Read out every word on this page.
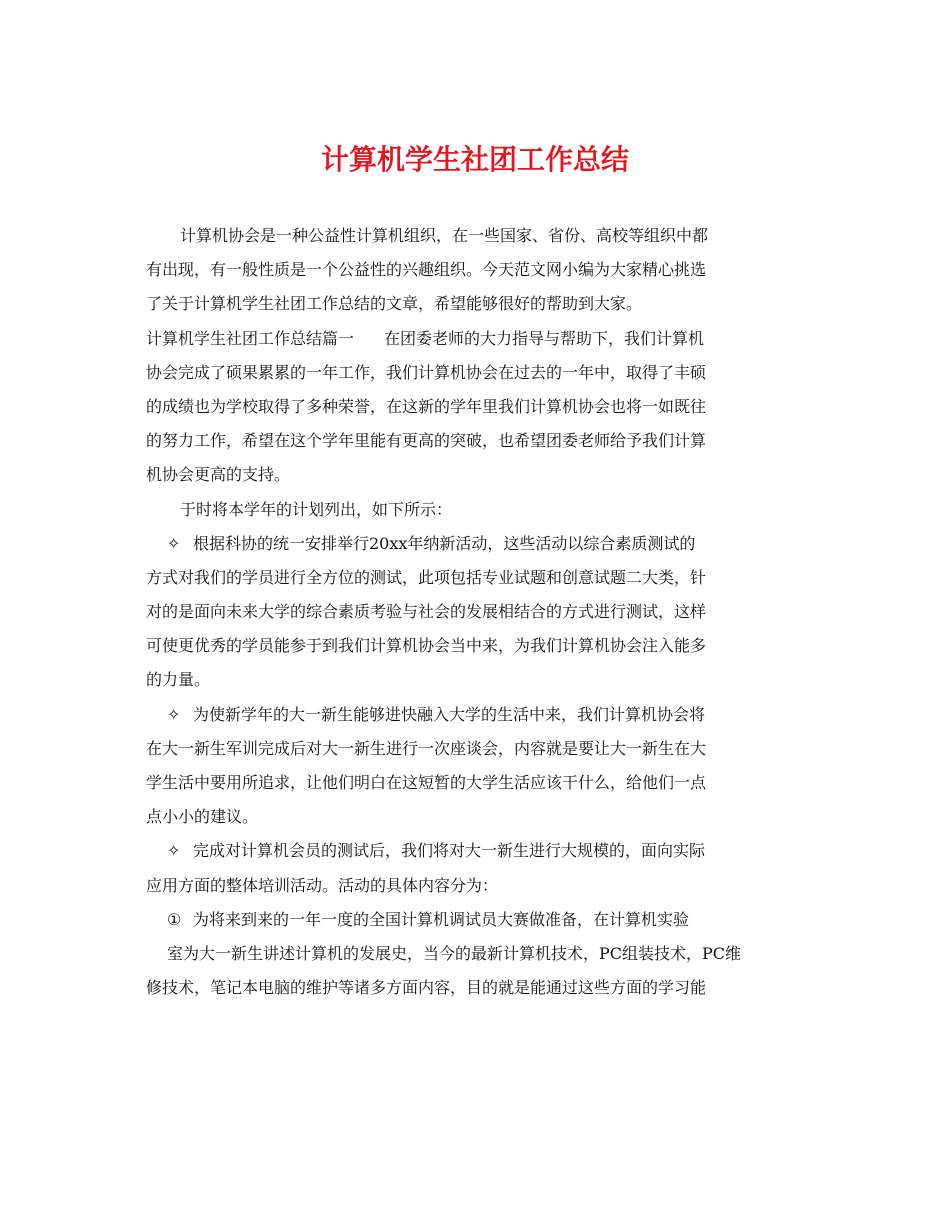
计算机学生社团工作总结
计算机协会是一种公益性计算机组织，在一些国家、省份、高校等组织中都
有出现，有一般性质是一个公益性的兴趣组织。今天范文网小编为大家精心挑选
了关于计算机学生社团工作总结的文章，希望能够很好的帮助到大家。
计算机学生社团工作总结篇一 在团委老师的大力指导与帮助下，我们计算机
协会完成了硕果累累的一年工作，我们计算机协会在过去的一年中，取得了丰硕
的成绩也为学校取得了多种荣誉，在这新的学年里我们计算机协会也将一如既往
的努力工作，希望在这个学年里能有更高的突破，也希望团委老师给予我们计算
机协会更高的支持。
于时将本学年的计划列出，如下所示：
✧ 根据科协的统一安排举行20xx年纳新活动，这些活动以综合素质测试的
方式对我们的学员进行全方位的测试，此项包括专业试题和创意试题二大类，针
对的是面向未来大学的综合素质考验与社会的发展相结合的方式进行测试，这样
可使更优秀的学员能参于到我们计算机协会当中来，为我们计算机协会注入能多
的力量。
✧ 为使新学年的大一新生能够进快融入大学的生活中来，我们计算机协会将
在大一新生军训完成后对大一新生进行一次座谈会，内容就是要让大一新生在大
学生活中要用所追求，让他们明白在这短暂的大学生活应该干什么，给他们一点
点小小的建议。
✧ 完成对计算机会员的测试后，我们将对大一新生进行大规模的，面向实际
应用方面的整体培训活动。活动的具体内容分为：
① 为将来到来的一年一度的全国计算机调试员大赛做准备，在计算机实验
室为大一新生讲述计算机的发展史，当今的最新计算机技术，PC组装技术，PC维
修技术，笔记本电脑的维护等诸多方面内容，目的就是能通过这些方面的学习能
